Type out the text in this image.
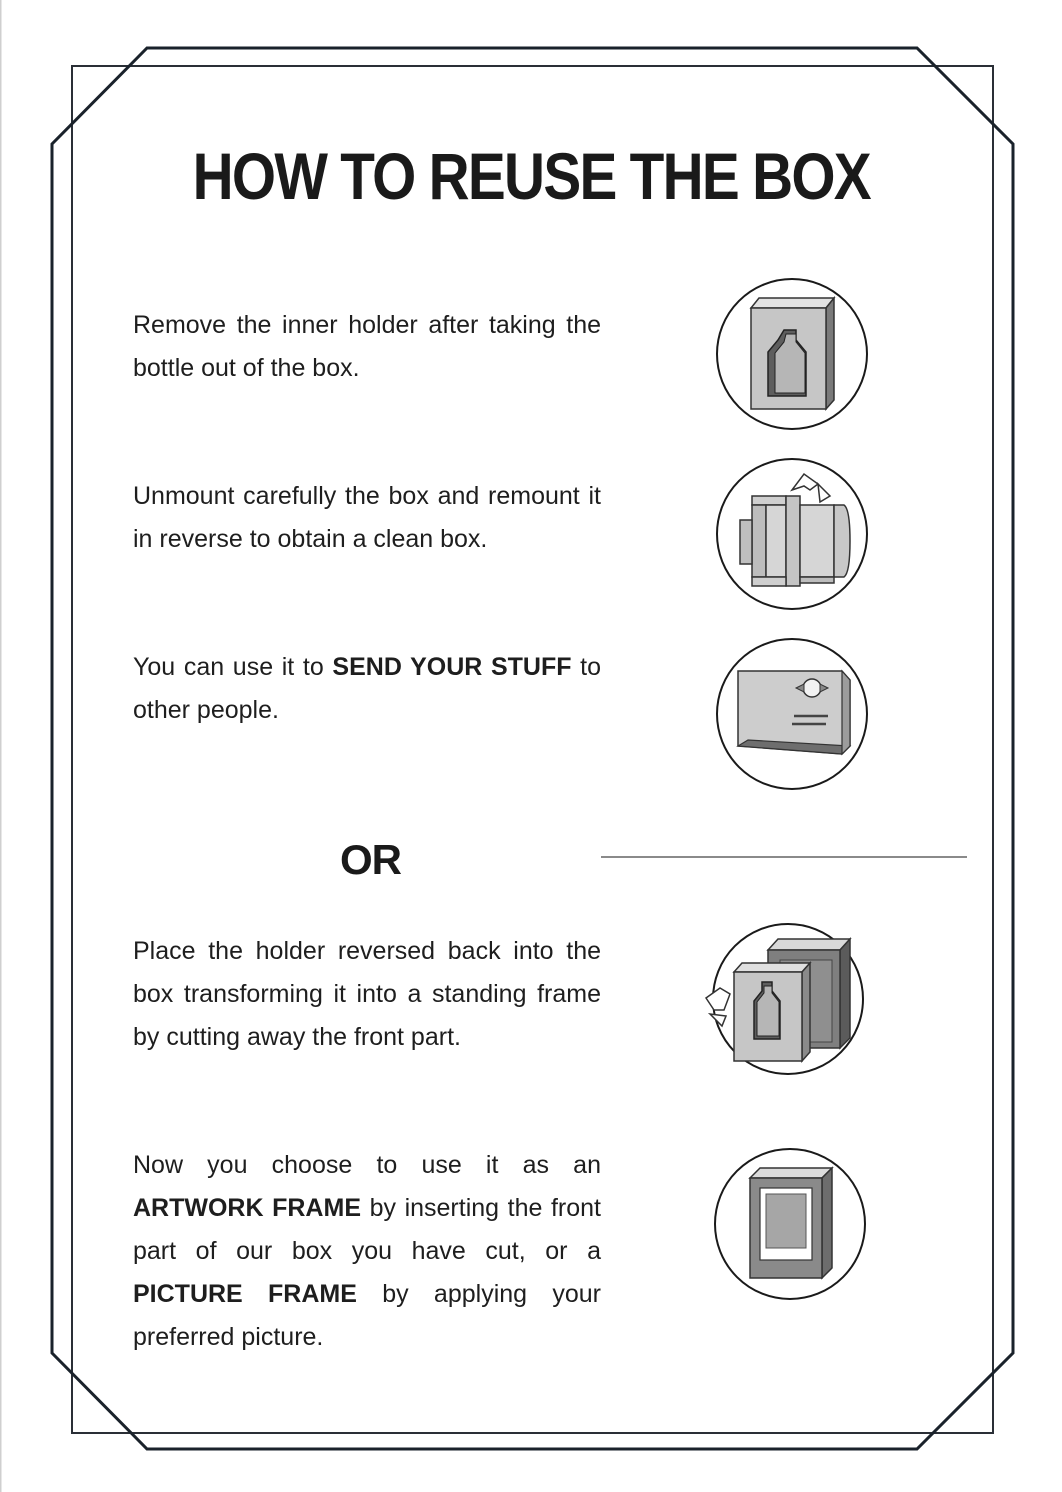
HOW TO REUSE THE BOX

Remove the inner holder after taking the bottle out of the box.

Unmount carefully the box and remount it in reverse to obtain a clean box.

You can use it to SEND YOUR STUFF to other people.

OR

Place the holder reversed back into the box transforming it into a standing frame by cutting away the front part.

Now you choose to use it as an ARTWORK FRAME by inserting the front part of our box you have cut, or a PICTURE FRAME by applying your preferred picture.
